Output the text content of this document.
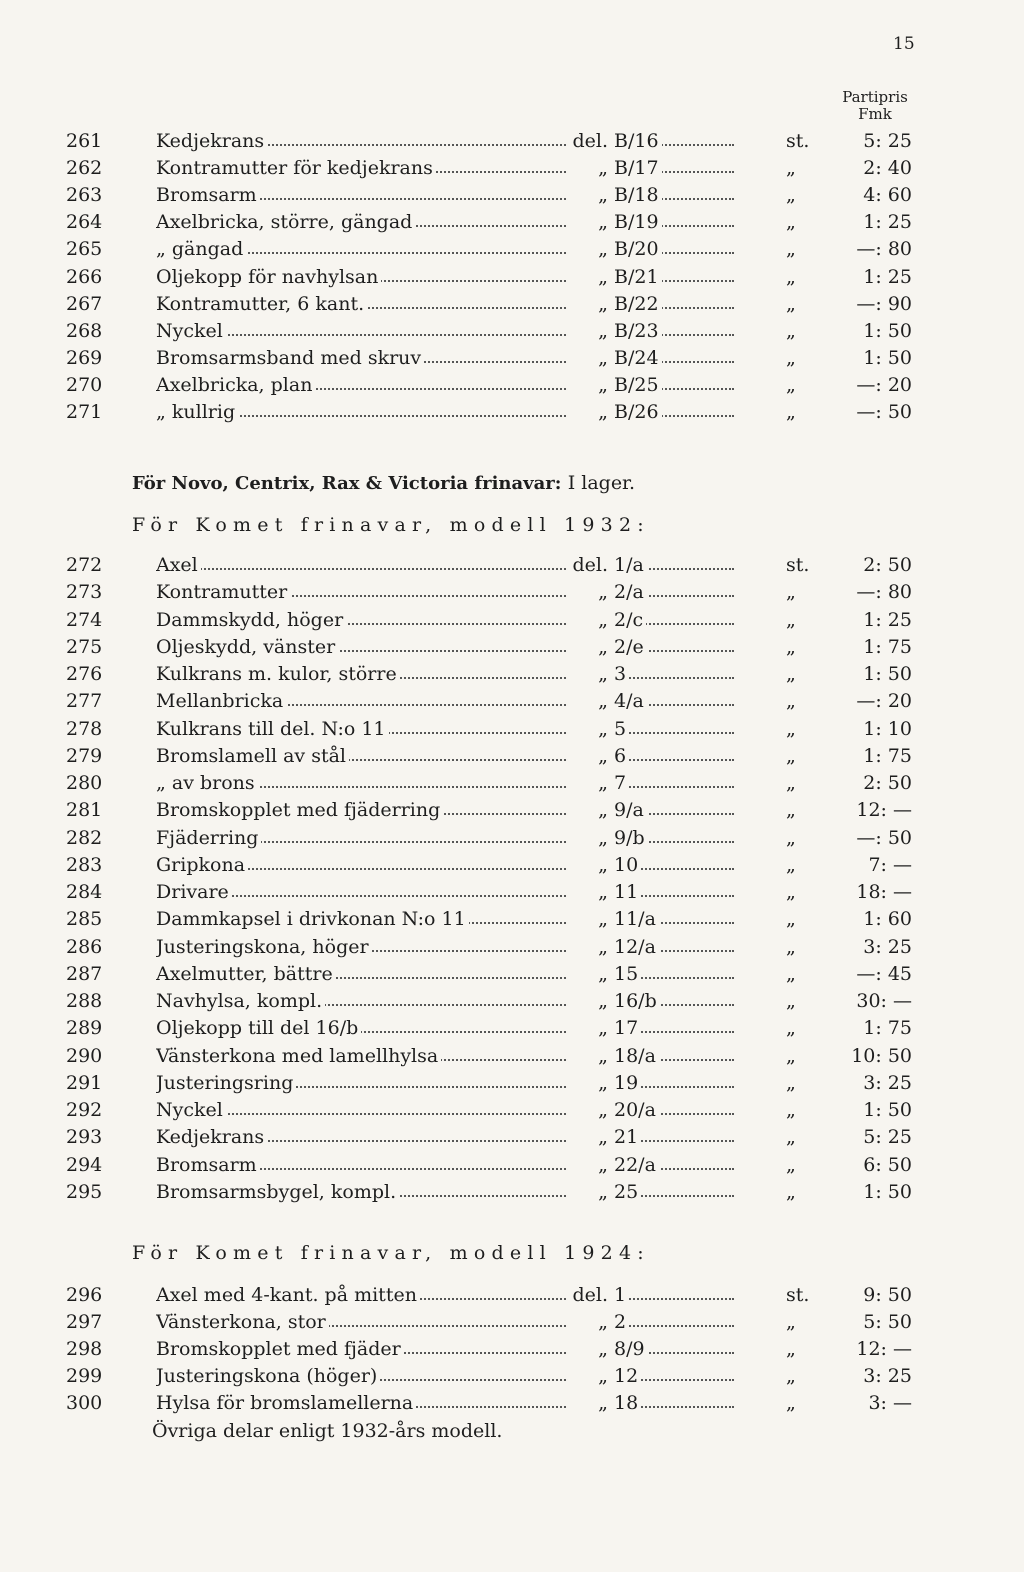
15
Partipris
Fmk
För Novo, Centrix, Rax & Victoria frinavar: I lager.
För Komet frinavar, modell 1932:
För Komet frinavar, modell 1924:
261	Kedjekrans	del. B/16	st.	5: 25
262	Kontramutter för kedjekrans	„ B/17	„	2: 40
263	Bromsarm	„ B/18	„	4: 60
264	Axelbricka, större, gängad	„ B/19	„	1: 25
265	„ gängad	„ B/20	„	—: 80
266	Oljekopp för navhylsan	„ B/21	„	1: 25
267	Kontramutter, 6 kant.	„ B/22	„	—: 90
268	Nyckel	„ B/23	„	1: 50
269	Bromsarmsband med skruv	„ B/24	„	1: 50
270	Axelbricka, plan	„ B/25	„	—: 20
271	„ kullrig	„ B/26	„	—: 50
272	Axel	del. 1/a	st.	2: 50
273	Kontramutter	„ 2/a	„	—: 80
274	Dammskydd, höger	„ 2/c	„	1: 25
275	Oljeskydd, vänster	„ 2/e	„	1: 75
276	Kulkrans m. kulor, större	„ 3	„	1: 50
277	Mellanbricka	„ 4/a	„	—: 20
278	Kulkrans till del. N:o 11	„ 5	„	1: 10
279	Bromslamell av stål	„ 6	„	1: 75
280	„ av brons	„ 7	„	2: 50
281	Bromskopplet med fjäderring	„ 9/a	„	12: —
282	Fjäderring	„ 9/b	„	—: 50
283	Gripkona	„ 10	„	7: —
284	Drivare	„ 11	„	18: —
285	Dammkapsel i drivkonan N:o 11	„ 11/a	„	1: 60
286	Justeringskona, höger	„ 12/a	„	3: 25
287	Axelmutter, bättre	„ 15	„	—: 45
288	Navhylsa, kompl.	„ 16/b	„	30: —
289	Oljekopp till del 16/b	„ 17	„	1: 75
290	Vänsterkona med lamellhylsa	„ 18/a	„	10: 50
291	Justeringsring	„ 19	„	3: 25
292	Nyckel	„ 20/a	„	1: 50
293	Kedjekrans	„ 21	„	5: 25
294	Bromsarm	„ 22/a	„	6: 50
295	Bromsarmsbygel, kompl.	„ 25	„	1: 50
296	Axel med 4-kant. på mitten	del. 1	st.	9: 50
297	Vänsterkona, stor	„ 2	„	5: 50
298	Bromskopplet med fjäder	„ 8/9	„	12: —
299	Justeringskona (höger)	„ 12	„	3: 25
300	Hylsa för bromslamellerna	„ 18	„	3: —
Övriga delar enligt 1932-års modell.
